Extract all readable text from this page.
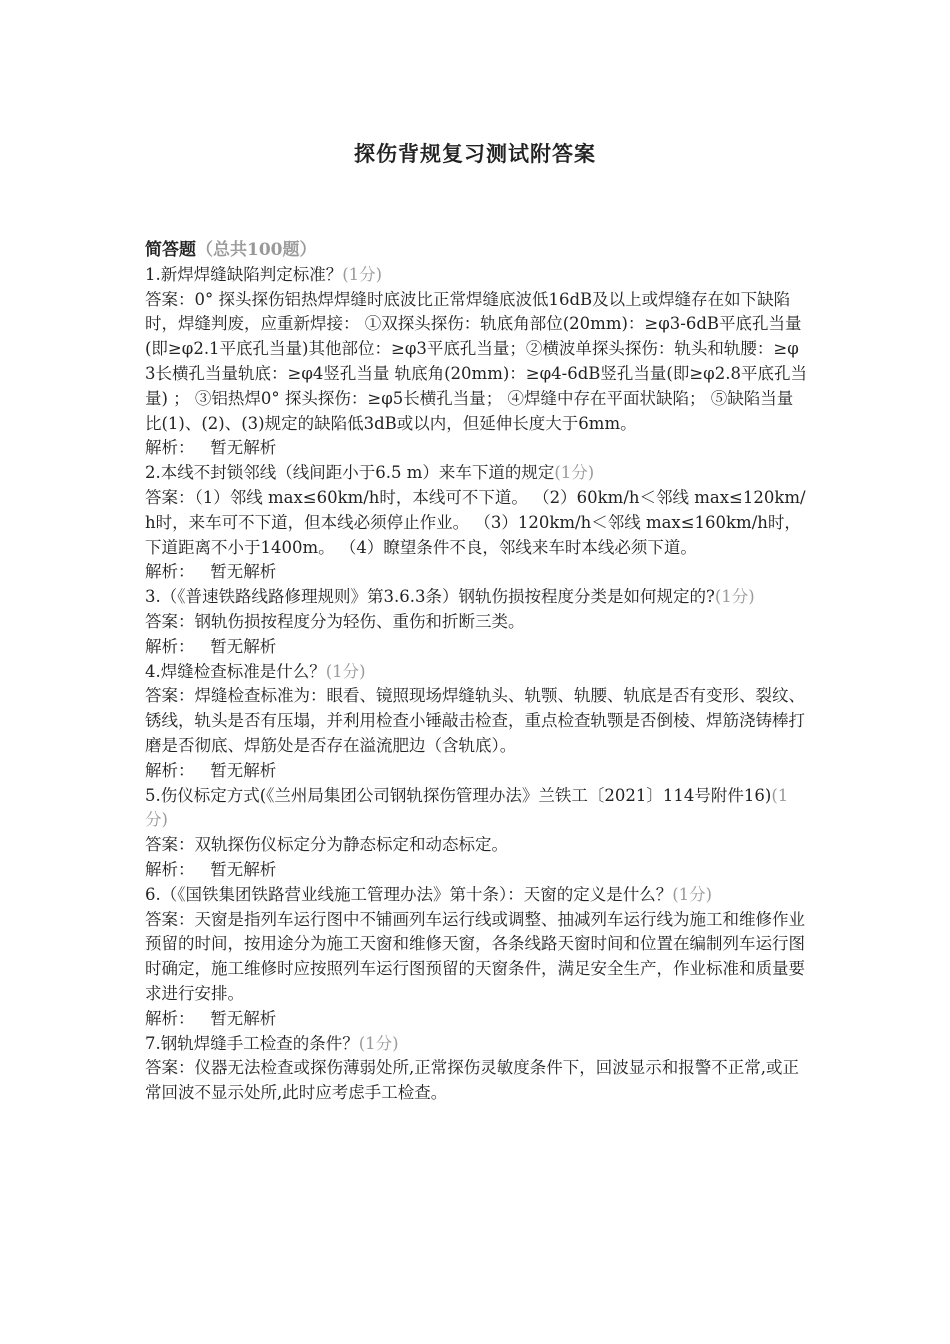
探伤背规复习测试附答案

简答题（总共100题）

1.新焊焊缝缺陷判定标准？(1分)

答案：0° 探头探伤铝热焊焊缝时底波比正常焊缝底波低16dB及以上或焊缝存在如下缺陷时，焊缝判废，应重新焊接： ①双探头探伤：轨底角部位(20mm)：≥φ3-6dB平底孔当量(即≥φ2.1平底孔当量)其他部位：≥φ3平底孔当量；②横波单探头探伤：轨头和轨腰：≥φ3长横孔当量轨底：≥φ4竖孔当量 轨底角(20mm)：≥φ4-6dB竖孔当量(即≥φ2.8平底孔当量) ； ③铝热焊0° 探头探伤：≥φ5长横孔当量； ④焊缝中存在平面状缺陷； ⑤缺陷当量比(1)、(2)、(3)规定的缺陷低3dB或以内，但延伸长度大于6mm。

解析： 暂无解析

2.本线不封锁邻线（线间距小于6.5 m）来车下道的规定(1分)

答案：（1）邻线 max≤60km/h时，本线可不下道。 （2）60km/h＜邻线 max≤120km/h时，来车可不下道，但本线必须停止作业。 （3）120km/h＜邻线 max≤160km/h时，下道距离不小于1400m。 （4）瞭望条件不良，邻线来车时本线必须下道。

解析： 暂无解析

3.（《普速铁路线路修理规则》第3.6.3条）钢轨伤损按程度分类是如何规定的?(1分)

答案：钢轨伤损按程度分为轻伤、重伤和折断三类。

解析： 暂无解析

4.焊缝检查标准是什么？(1分)

答案：焊缝检查标准为：眼看、镜照现场焊缝轨头、轨颚、轨腰、轨底是否有变形、裂纹、锈线，轨头是否有压塌，并利用检查小锤敲击检查，重点检查轨颚是否倒棱、焊筋浇铸棒打磨是否彻底、焊筋处是否存在溢流肥边（含轨底）。

解析： 暂无解析

5.伤仪标定方式(《兰州局集团公司钢轨探伤管理办法》兰铁工〔2021〕114号附件16)(1分)

答案：双轨探伤仪标定分为静态标定和动态标定。

解析： 暂无解析

6.（《国铁集团铁路营业线施工管理办法》第十条）：天窗的定义是什么？(1分)

答案：天窗是指列车运行图中不铺画列车运行线或调整、抽减列车运行线为施工和维修作业预留的时间，按用途分为施工天窗和维修天窗，各条线路天窗时间和位置在编制列车运行图时确定，施工维修时应按照列车运行图预留的天窗条件，满足安全生产，作业标准和质量要求进行安排。

解析： 暂无解析

7.钢轨焊缝手工检查的条件？(1分)

答案：仪器无法检查或探伤薄弱处所,正常探伤灵敏度条件下，回波显示和报警不正常,或正常回波不显示处所,此时应考虑手工检查。
